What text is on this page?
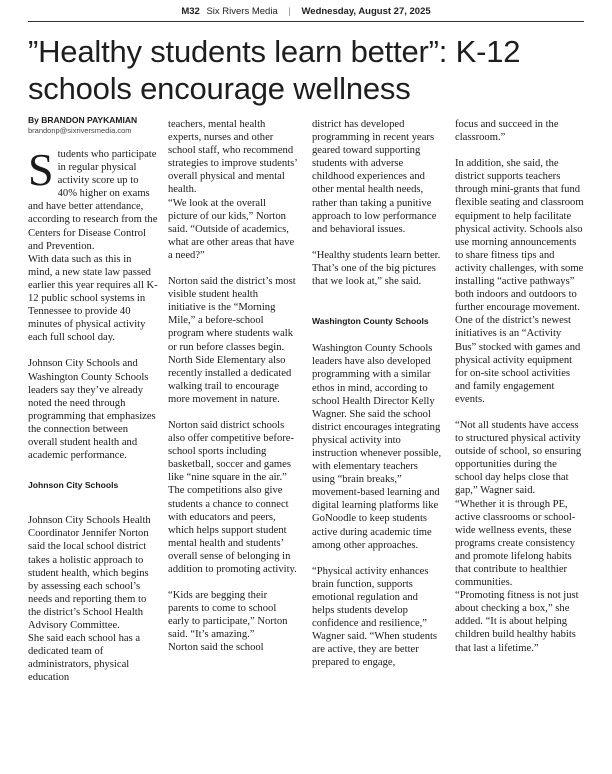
M32 Six Rivers Media | Wednesday, August 27, 2025
”Healthy students learn better”: K-12 schools encourage wellness
By BRANDON PAYKAMIAN
brandonp@sixriversmedia.com

S tudents who participate in regular physical activity score up to 40% higher on exams and have better attendance, according to research from the Centers for Disease Control and Prevention.

With data such as this in mind, a new state law passed earlier this year requires all K-12 public school systems in Tennessee to provide 40 minutes of physical activity each full school day.

Johnson City Schools and Washington County Schools leaders say they’ve already noted the need through programming that emphasizes the connection between overall student health and academic performance.

Johnson City Schools

Johnson City Schools Health Coordinator Jennifer Norton said the local school district takes a holistic approach to student health, which begins by assessing each school’s needs and reporting them to the district’s School Health Advisory Committee.

She said each school has a dedicated team of administrators, physical education

teachers, mental health experts, nurses and other school staff, who recommend strategies to improve students’ overall physical and mental health.

“We look at the overall picture of our kids,” Norton said. “Outside of academics, what are other areas that have a need?”

Norton said the district’s most visible student health initiative is the “Morning Mile,” a before-school program where students walk or run before classes begin. North Side Elementary also recently installed a dedicated walking trail to encourage more movement in nature.

Norton said district schools also offer competitive before-school sports including basketball, soccer and games like “nine square in the air.” The competitions also give students a chance to connect with educators and peers, which helps support student mental health and students’ overall sense of belonging in addition to promoting activity.

“Kids are begging their parents to come to school early to participate,” Norton said. “It’s amazing.”

Norton said the school

district has developed programming in recent years geared toward supporting students with adverse childhood experiences and other mental health needs, rather than taking a punitive approach to low performance and behavioral issues.

“Healthy students learn better. That’s one of the big pictures that we look at,” she said.

Washington County Schools

Washington County Schools leaders have also developed programming with a similar ethos in mind, according to school Health Director Kelly Wagner. She said the school district encourages integrating physical activity into instruction whenever possible, with elementary teachers using “brain breaks,” movement-based learning and digital learning platforms like GoNoodle to keep students active during academic time among other approaches.

“Physical activity enhances brain function, supports emotional regulation and helps students develop confidence and resilience,” Wagner said. “When students are active, they are better prepared to engage,

focus and succeed in the classroom.”

In addition, she said, the district supports teachers through mini-grants that fund flexible seating and classroom equipment to help facilitate physical activity. Schools also use morning announcements to share fitness tips and activity challenges, with some installing “active pathways” both indoors and outdoors to further encourage movement.

One of the district’s newest initiatives is an “Activity Bus” stocked with games and physical activity equipment for on-site school activities and family engagement events.

“Not all students have access to structured physical activity outside of school, so ensuring opportunities during the school day helps close that gap,” Wagner said.

“Whether it is through PE, active classrooms or school-wide wellness events, these programs create consistency and promote lifelong habits that contribute to healthier communities.

“Promoting fitness is not just about checking a box,” she added. “It is about helping children build healthy habits that last a lifetime.”
